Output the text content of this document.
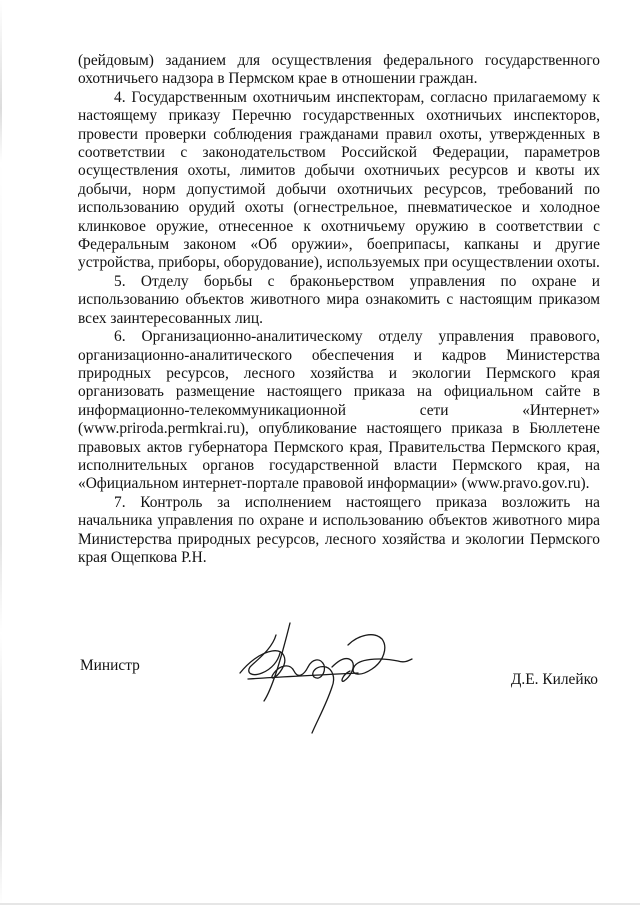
(рейдовым) заданием для осуществления федерального государственного охотничьего надзора в Пермском крае в отношении граждан.

4. Государственным охотничьим инспекторам, согласно прилагаемому к настоящему приказу Перечню государственных охотничьих инспекторов, провести проверки соблюдения гражданами правил охоты, утвержденных в соответствии с законодательством Российской Федерации, параметров осуществления охоты, лимитов добычи охотничьих ресурсов и квоты их добычи, норм допустимой добычи охотничьих ресурсов, требований по использованию орудий охоты (огнестрельное, пневматическое и холодное клинковое оружие, отнесенное к охотничьему оружию в соответствии с Федеральным законом «Об оружии», боеприпасы, капканы и другие устройства, приборы, оборудование), используемых при осуществлении охоты.

5. Отделу борьбы с браконьерством управления по охране и использованию объектов животного мира ознакомить с настоящим приказом всех заинтересованных лиц.

6. Организационно-аналитическому отделу управления правового, организационно-аналитического обеспечения и кадров Министерства природных ресурсов, лесного хозяйства и экологии Пермского края организовать размещение настоящего приказа на официальном сайте в информационно-телекоммуникационной сети «Интернет» (www.priroda.permkrai.ru), опубликование настоящего приказа в Бюллетене правовых актов губернатора Пермского края, Правительства Пермского края, исполнительных органов государственной власти Пермского края, на «Официальном интернет-портале правовой информации» (www.pravo.gov.ru).

7. Контроль за исполнением настоящего приказа возложить на начальника управления по охране и использованию объектов животного мира Министерства природных ресурсов, лесного хозяйства и экологии Пермского края Ощепкова Р.Н.

Министр
Д.Е. Килейко
